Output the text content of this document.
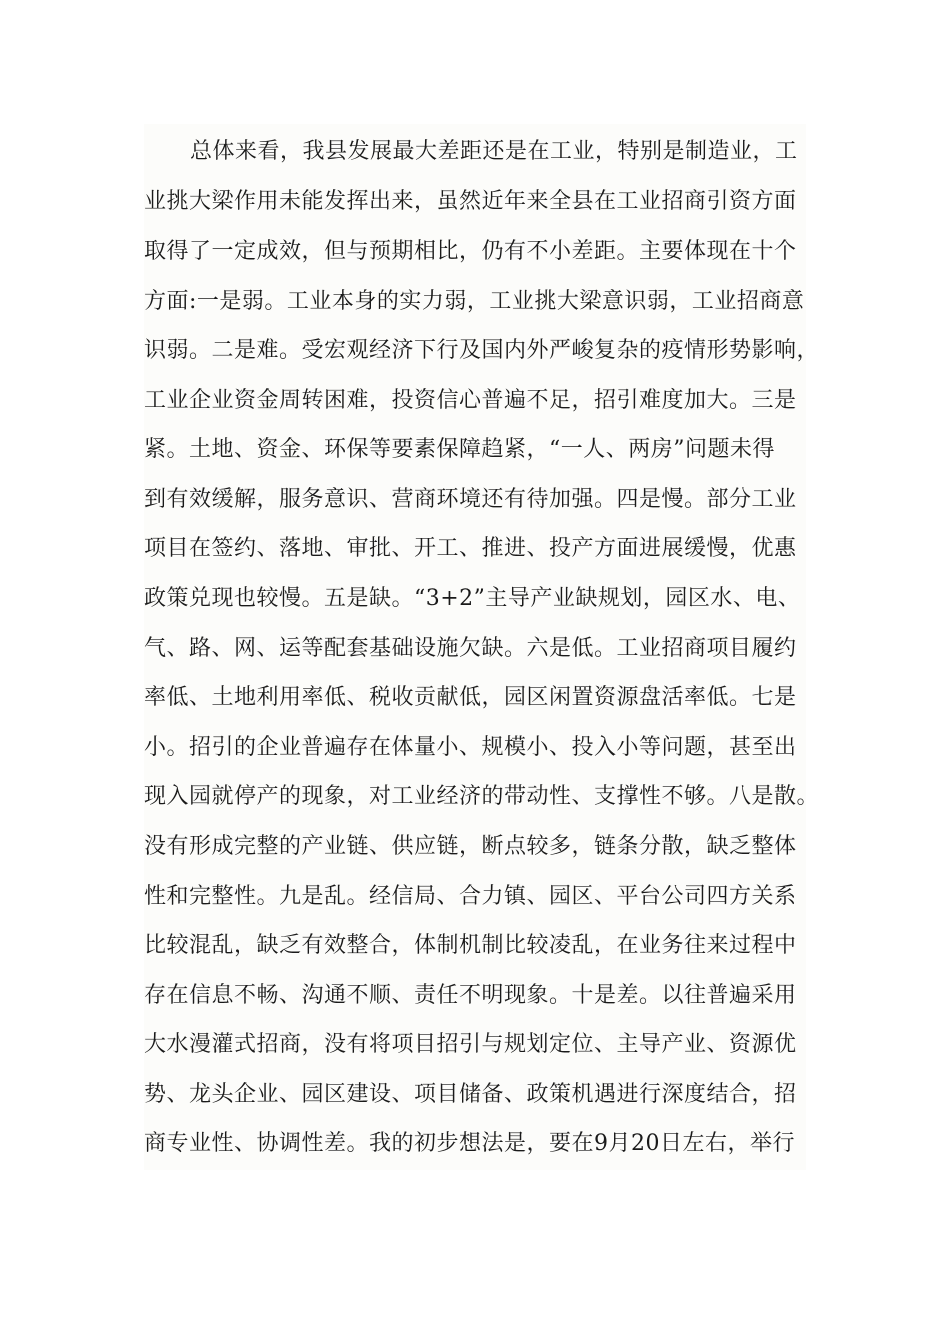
总体来看，我县发展最大差距还是在工业，特别是制造业，工
业挑大梁作用未能发挥出来，虽然近年来全县在工业招商引资方面
取得了一定成效，但与预期相比，仍有不小差距。主要体现在十个
方面:一是弱。工业本身的实力弱，工业挑大梁意识弱，工业招商意
识弱。二是难。受宏观经济下行及国内外严峻复杂的疫情形势影响，
工业企业资金周转困难，投资信心普遍不足，招引难度加大。三是
紧。土地、资金、环保等要素保障趋紧，“一人、两房”问题未得
到有效缓解，服务意识、营商环境还有待加强。四是慢。部分工业
项目在签约、落地、审批、开工、推进、投产方面进展缓慢，优惠
政策兑现也较慢。五是缺。“3+2”主导产业缺规划，园区水、电、
气、路、网、运等配套基础设施欠缺。六是低。工业招商项目履约
率低、土地利用率低、税收贡献低，园区闲置资源盘活率低。七是
小。招引的企业普遍存在体量小、规模小、投入小等问题，甚至出
现入园就停产的现象，对工业经济的带动性、支撑性不够。八是散。
没有形成完整的产业链、供应链，断点较多，链条分散，缺乏整体
性和完整性。九是乱。经信局、合力镇、园区、平台公司四方关系
比较混乱，缺乏有效整合，体制机制比较凌乱，在业务往来过程中
存在信息不畅、沟通不顺、责任不明现象。十是差。以往普遍采用
大水漫灌式招商，没有将项目招引与规划定位、主导产业、资源优
势、龙头企业、园区建设、项目储备、政策机遇进行深度结合，招
商专业性、协调性差。我的初步想法是，要在9月20日左右，举行
